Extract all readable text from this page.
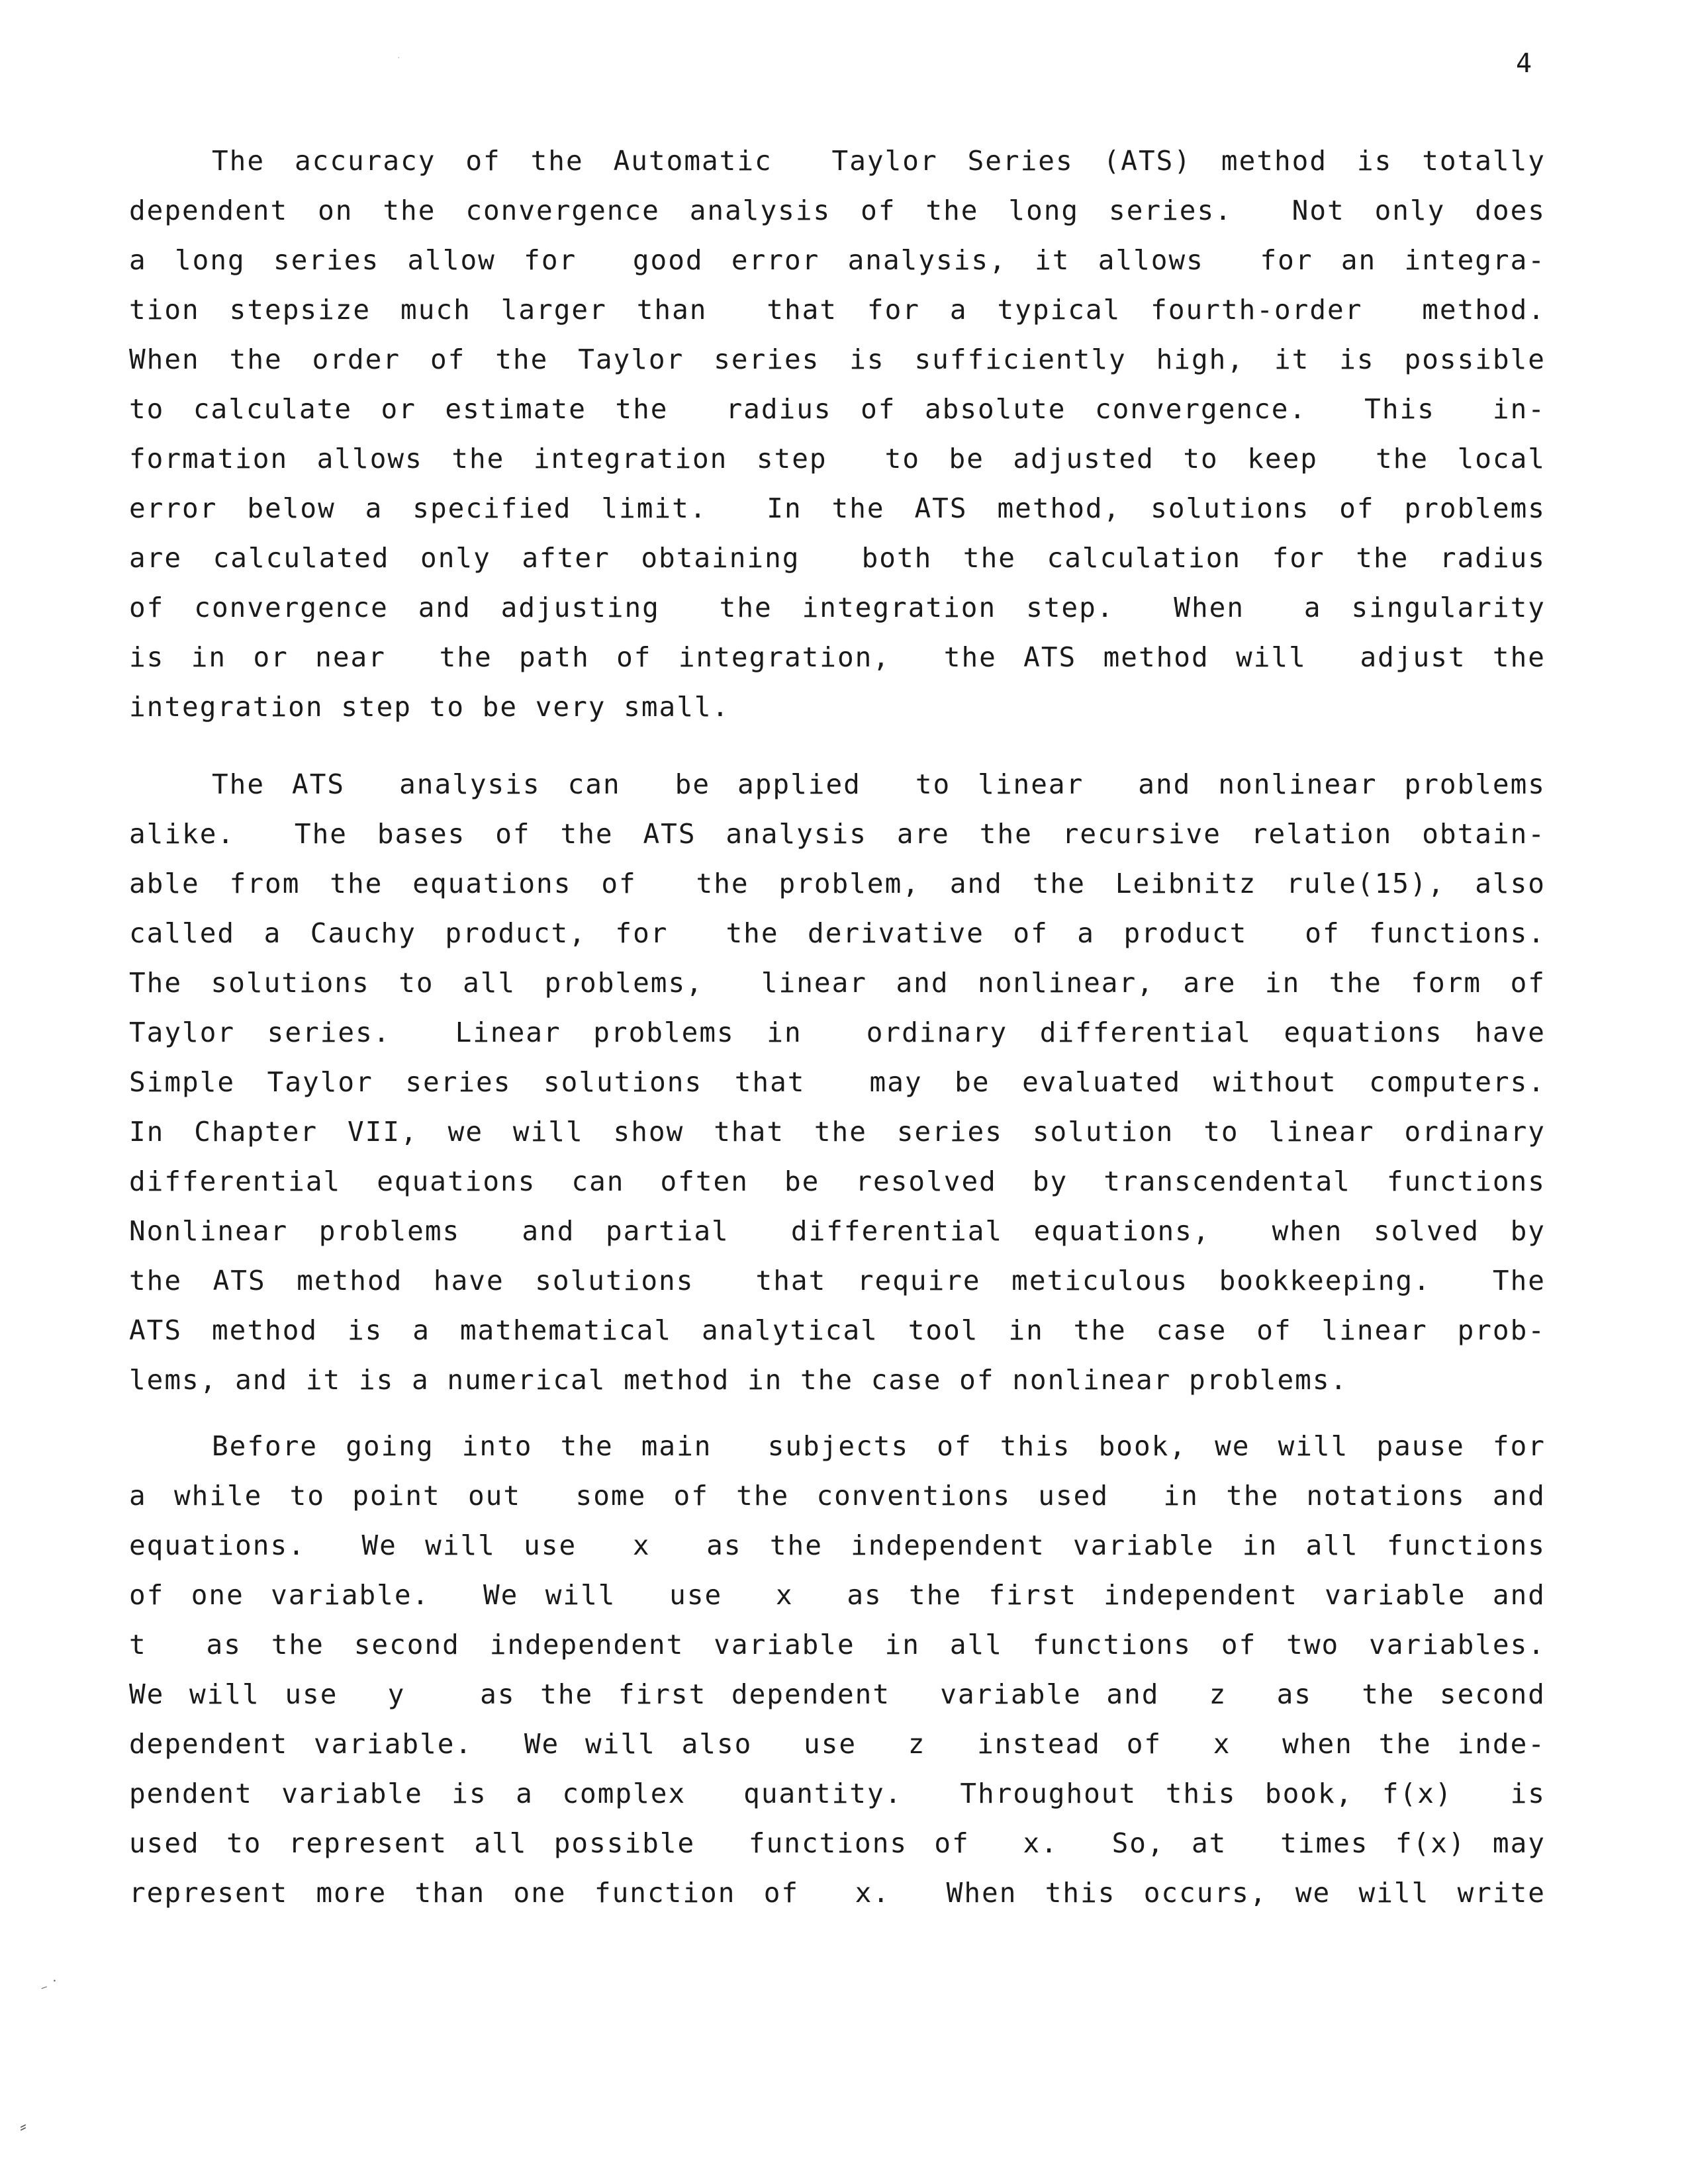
4
·
The accuracy of the Automatic  Taylor Series (ATS) method is totally
dependent on the convergence analysis of the long series.  Not only does
a long series allow for  good error analysis, it allows  for an integra-
tion stepsize much larger than  that for a typical fourth-order  method.
When the order of the Taylor series is sufficiently high, it is possible
to calculate or estimate the  radius of absolute convergence.  This  in-
formation allows the integration step  to be adjusted to keep  the local
error below a specified limit.  In the ATS method, solutions of problems
are calculated only after obtaining  both the calculation for the radius
of convergence and adjusting  the integration step.  When  a singularity
is in or near  the path of integration,  the ATS method will  adjust the
integration step to be very small.
The ATS  analysis can  be applied  to linear  and nonlinear problems
alike.  The bases of the ATS analysis are the recursive relation obtain-
able from the equations of  the problem, and the Leibnitz rule(15), also
called a Cauchy product, for  the derivative of a product  of functions.
The solutions to all problems,  linear and nonlinear, are in the form of
Taylor series.  Linear problems in  ordinary differential equations have
Simple Taylor series solutions that  may be evaluated without computers.
In Chapter VII, we will show that the series solution to linear ordinary
differential equations can often be resolved by transcendental functions
Nonlinear problems  and partial  differential equations,  when solved by
the ATS method have solutions  that require meticulous bookkeeping.  The
ATS method is a mathematical analytical tool in the case of linear prob-
lems, and it is a numerical method in the case of nonlinear problems.
Before going into the main  subjects of this book, we will pause for
a while to point out  some of the conventions used  in the notations and
equations.  We will use  x  as the independent variable in all functions
of one variable.  We will  use  x  as the first independent variable and
t  as the second independent variable in all functions of two variables.
We will use  y   as the first dependent  variable and  z  as  the second
dependent variable.  We will also  use  z  instead of  x  when the inde-
pendent variable is a complex  quantity.  Throughout this book, f(x)  is
used to represent all possible  functions of  x.  So, at  times f(x) may
represent more than one function of  x.  When this occurs, we will write
⁻ ˙
⸗
